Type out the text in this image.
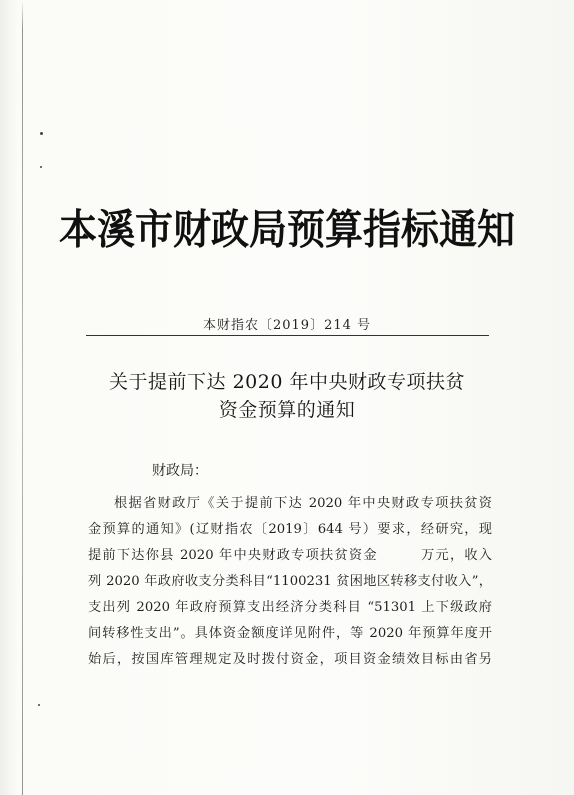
本溪市财政局预算指标通知
本财指农〔2019〕214 号
关于提前下达 2020 年中央财政专项扶贫
资金预算的通知
财政局：
根据省财政厅《关于提前下达 2020 年中央财政专项扶贫资
金预算的通知》(辽财指农〔2019〕644 号）要求，经研究，现
提前下达你县 2020 年中央财政专项扶贫资金　　　万元，收入
列 2020 年政府收支分类科目“1100231 贫困地区转移支付收入”，
支出列 2020 年政府预算支出经济分类科目 “51301 上下级政府
间转移性支出”。具体资金额度详见附件，等 2020 年预算年度开
始后，按国库管理规定及时拨付资金，项目资金绩效目标由省另
